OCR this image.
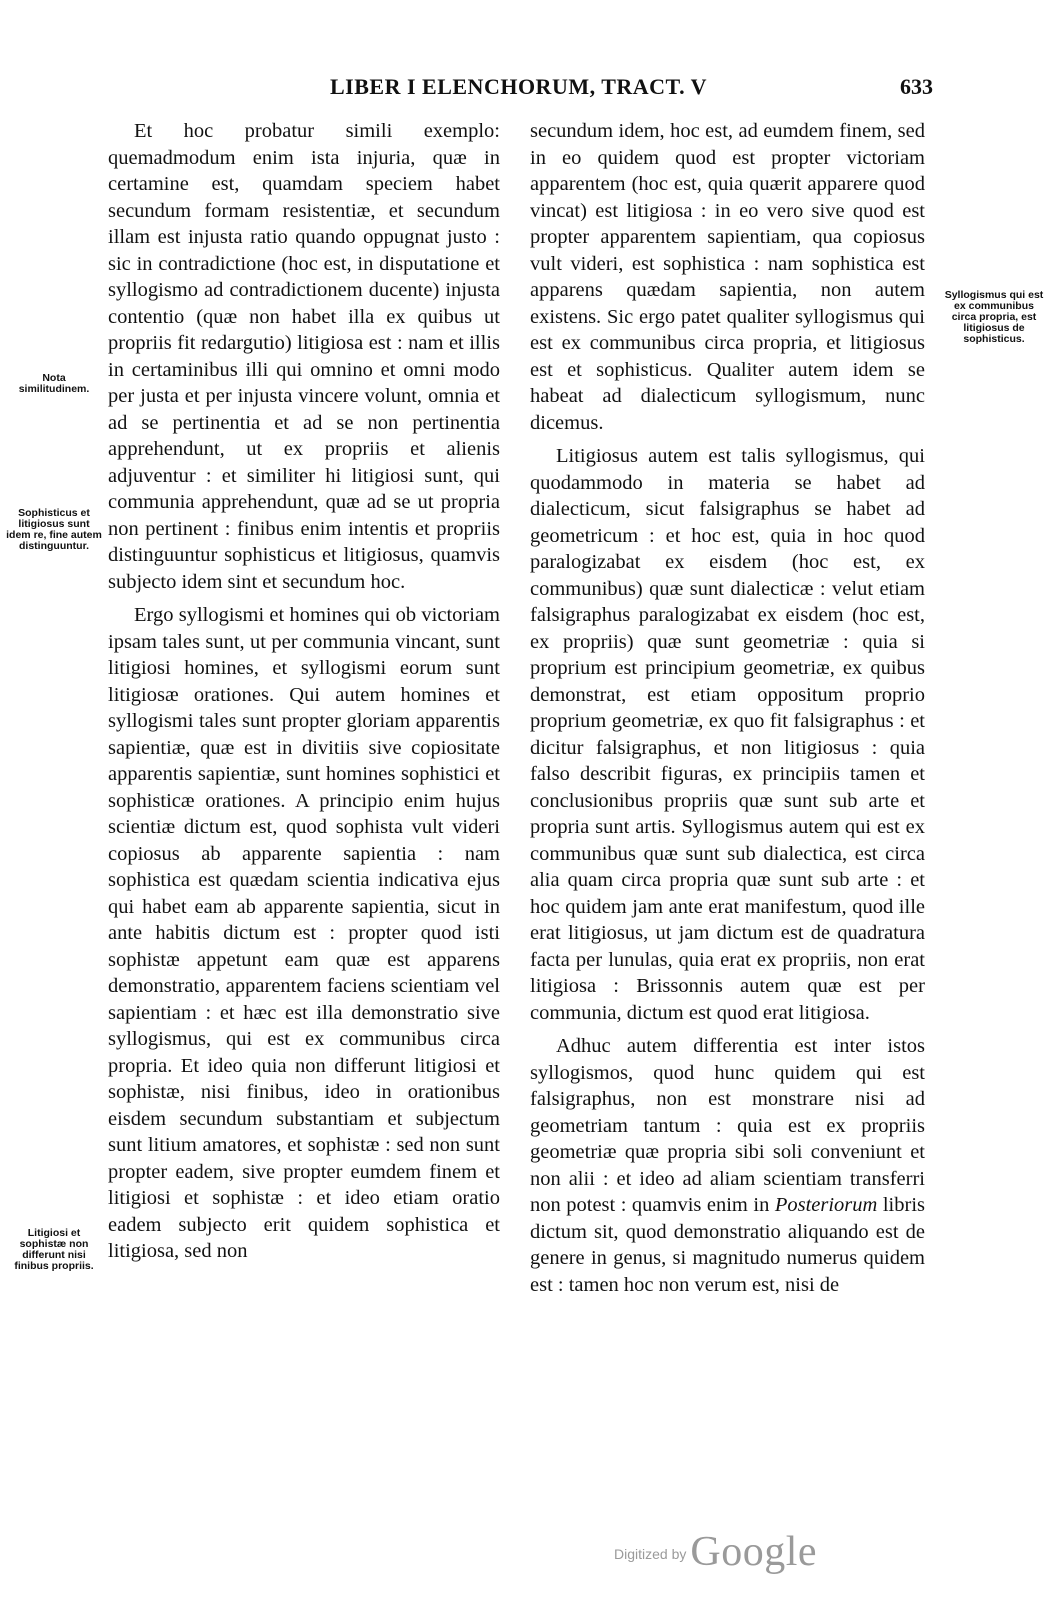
LIBER I ELENCHORUM, TRACT. V	633

Et hoc probatur simili exemplo: quemadmodum enim ista injuria, quæ in certamine est, quamdam speciem habet secundum formam resistentiæ, et secundum illam est injusta ratio quando oppugnat justo : sic in contradictione (hoc est, in disputatione et syllogismo ad contradictionem ducente) injusta contentio (quæ non habet illa ex quibus ut propriis fit redargutio) litigiosa est : nam et illis in certaminibus illi qui omnino et omni modo per justa et per injusta vincere volunt, omnia et ad se pertinentia et ad se non pertinentia apprehendunt, ut ex propriis et alienis adjuventur : et similiter hi litigiosi sunt, qui communia apprehendunt, quæ ad se ut propria non pertinent : finibus enim intentis et propriis distinguuntur sophisticus et litigiosus, quamvis subjecto idem sint et secundum hoc.

Ergo syllogismi et homines qui ob victoriam ipsam tales sunt, ut per communia vincant, sunt litigiosi homines, et syllogismi eorum sunt litigiosæ orationes. Qui autem homines et syllogismi tales sunt propter gloriam apparentis sapientiæ, quæ est in divitiis sive copiositate apparentis sapientiæ, sunt homines sophistici et sophisticæ orationes. A principio enim hujus scientiæ dictum est, quod sophista vult videri copiosus ab apparente sapientia : nam sophistica est quædam scientia indicativa ejus qui habet eam ab apparente sapientia, sicut in ante habitis dictum est : propter quod isti sophistæ appetunt eam quæ est apparens demonstratio, apparentem faciens scientiam vel sapientiam : et hæc est illa demonstratio sive syllogismus, qui est ex communibus circa propria. Et ideo quia non differunt litigiosi et sophistæ, nisi finibus, ideo in orationibus eisdem secundum substantiam et subjectum sunt litium amatores, et sophistæ : sed non sunt propter eadem, sive propter eumdem finem et litigiosi et sophistæ : et ideo etiam oratio eadem subjecto erit quidem sophistica et litigiosa, sed non

secundum idem, hoc est, ad eumdem finem, sed in eo quidem quod est propter victoriam apparentem (hoc est, quia quærit apparere quod vincat) est litigiosa : in eo vero sive quod est propter apparentem sapientiam, qua copiosus vult videri, est sophistica : nam sophistica est apparens quædam sapientia, non autem existens. Sic ergo patet qualiter syllogismus qui est ex communibus circa propria, et litigiosus est et sophisticus. Qualiter autem idem se habeat ad dialecticum syllogismum, nunc dicemus.

Litigiosus autem est talis syllogismus, qui quodammodo in materia se habet ad dialecticum, sicut falsigraphus se habet ad geometricum : et hoc est, quia in hoc quod paralogizabat ex eisdem (hoc est, ex communibus) quæ sunt dialecticæ : velut etiam falsigraphus paralogizabat ex eisdem (hoc est, ex propriis) quæ sunt geometriæ : quia si proprium est principium geometriæ, ex quibus demonstrat, est etiam oppositum proprio proprium geometriæ, ex quo fit falsigraphus : et dicitur falsigraphus, et non litigiosus : quia falso describit figuras, ex principiis tamen et conclusionibus propriis quæ sunt sub arte et propria sunt artis. Syllogismus autem qui est ex communibus quæ sunt sub dialectica, est circa alia quam circa propria quæ sunt sub arte : et hoc quidem jam ante erat manifestum, quod ille erat litigiosus, ut jam dictum est de quadratura facta per lunulas, quia erat ex propriis, non erat litigiosa : Brissonnis autem quæ est per communia, dictum est quod erat litigiosa.

Adhuc autem differentia est inter istos syllogismos, quod hunc quidem qui est falsigraphus, non est monstrare nisi ad geometriam tantum : quia est ex propriis geometriæ quæ propria sibi soli conveniunt et non alii : et ideo ad aliam scientiam transferri non potest : quamvis enim in Posteriorum libris dictum sit, quod demonstratio aliquando est de genere in genus, si magnitudo numerus quidem est : tamen hoc non verum est, nisi de

Nota similitudinem.
Sophisticus et litigiosus sunt idem re, fine autem distinguuntur.
Litigiosi et sophistæ non differunt nisi finibus propriis.
Syllogismus qui est ex communibus circa propria, est litigiosus de sophisticus.
Digitized by Google
